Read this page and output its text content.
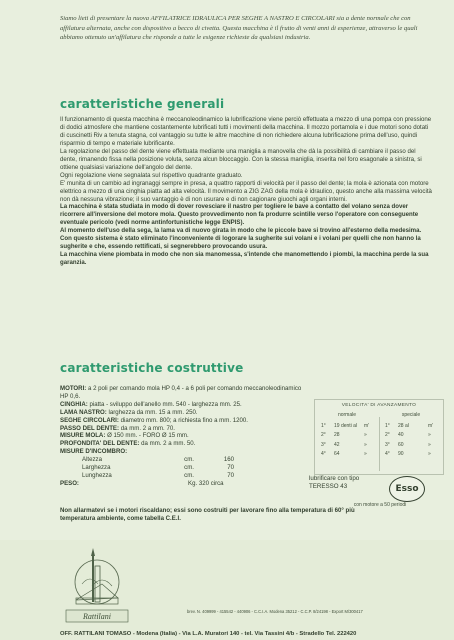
Siamo lieti di presentare la nuova AFFILATRICE IDRAULICA PER SEGHE A NASTRO E CIRCOLARI sia a dente normale che con affilatura alternata, anche con dispositivo a becco di civetta. Questa macchina è il frutto di venti anni di esperienze, attraverso le quali abbiamo ottenuto un'affilatura che risponde a tutte le esigenze richieste da qualsiasi industria.
caratteristiche generali

Il funzionamento di questa macchina è meccanoleodinamico la lubrificazione viene perciò effettuata a mezzo di una pompa con pressione di dodici atmosfere che mantiene costantemente lubrificati tutti i movimenti della macchina. Il mozzo portamola e i due motori sono dotati di cuscinetti Riv a tenuta stagna, col vantaggio su tutte le altre macchine di non richiedere alcuna lubrificazione prima dell'uso, quindi risparmio di tempo e materiale lubrificante.

La regolazione del passo del dente viene effettuata mediante una maniglia a manovella che dà la possibilità di cambiare il passo del dente, rimanendo fissa nella posizione voluta, senza alcun bloccaggio. Con la stessa maniglia, inserita nel foro esagonale a sinistra, si ottiene qualsiasi variazione dell'angolo del dente.

Ogni regolazione viene segnalata sul rispettivo quadrante graduato.

E' munita di un cambio ad ingranaggi sempre in presa, a quattro rapporti di velocità per il passo del dente; la mola è azionata con motore elettrico a mezzo di una cinghia piatta ad alta velocità. Il movimento a ZIG ZAG della mola è idraulico, questo anche alla massima velocità non dà nessuna vibrazione; il suo vantaggio è di non usurare e di non cagionare giuochi agli organi interni.

La macchina è stata studiata in modo di dover rovesciare il nastro per togliere le bave a contatto del volano senza dover ricorrere all'inversione del motore mola. Questo provvedimento non fa produrre scintille verso l'operatore con conseguente eventuale pericolo (vedi norme antinfortunistiche legge ENPIS).

Al momento dell'uso della sega, la lama va di nuovo girata in modo che le piccole bave si trovino all'esterno della medesima.

Con questo sistema è stato eliminato l'inconveniente di logorare la sugherite sui volani e i volani per quelli che non hanno la sugherite e che, essendo rettificati, si segnerebbero provocando usura.

La macchina viene piombata in modo che non sia manomessa, s'intende che manomettendo i piombi, la macchina perde la sua garanzia.

caratteristiche costruttive
MOTORI: a 2 poli per comando mola HP 0,4 - a 6 poli per comando meccanoleodinamico HP 0,6.
CINGHIA: piatta - sviluppo dell'anello mm. 540 - larghezza mm. 25.
LAMA NASTRO: larghezza da mm. 15 a mm. 250.
SEGHE CIRCOLARI: diametro mm. 800; a richiesta fino a mm. 1200.
PASSO DEL DENTE: da mm. 2 a mm. 70.
MISURE MOLA: Ø 150 mm. - FORO Ø 15 mm.
PROFONDITA' DEL DENTE: da mm. 2 a mm. 50.
MISURE D'INCOMBRO:
Altezza	cm.	160
Larghezza	cm.	70
Lunghezza	cm.	70
PESO:	Kg. 320 circa
Non allarmatevi se i motori riscaldano; essi sono costruiti per lavorare fino alla temperatura di 60° più temperatura ambiente, come tabella C.E.I.
VELOCITA' DI AVANZAMENTO
normale
1°	19 denti al	m'
2°	28	»
3°	42	»
4°	64	»
speciale
1°	28 al	m'
2°	40	»
3°	60	»
4°	90	»
lubrificare con tipo TERESSO 43	Esso
con motore a 50 periodi
Rattilani
brev. N. 409999 - 415542 - 440906 - C.C.I.A. Modena 35212 - C.C.P. 8/24198 - Export M/300417
OFF. RATTILANI TOMASO - Modena (Italia) - Via L.A. Muratori 140 - tel. Via Tassini 4/b - Stradello Tel. 222420
